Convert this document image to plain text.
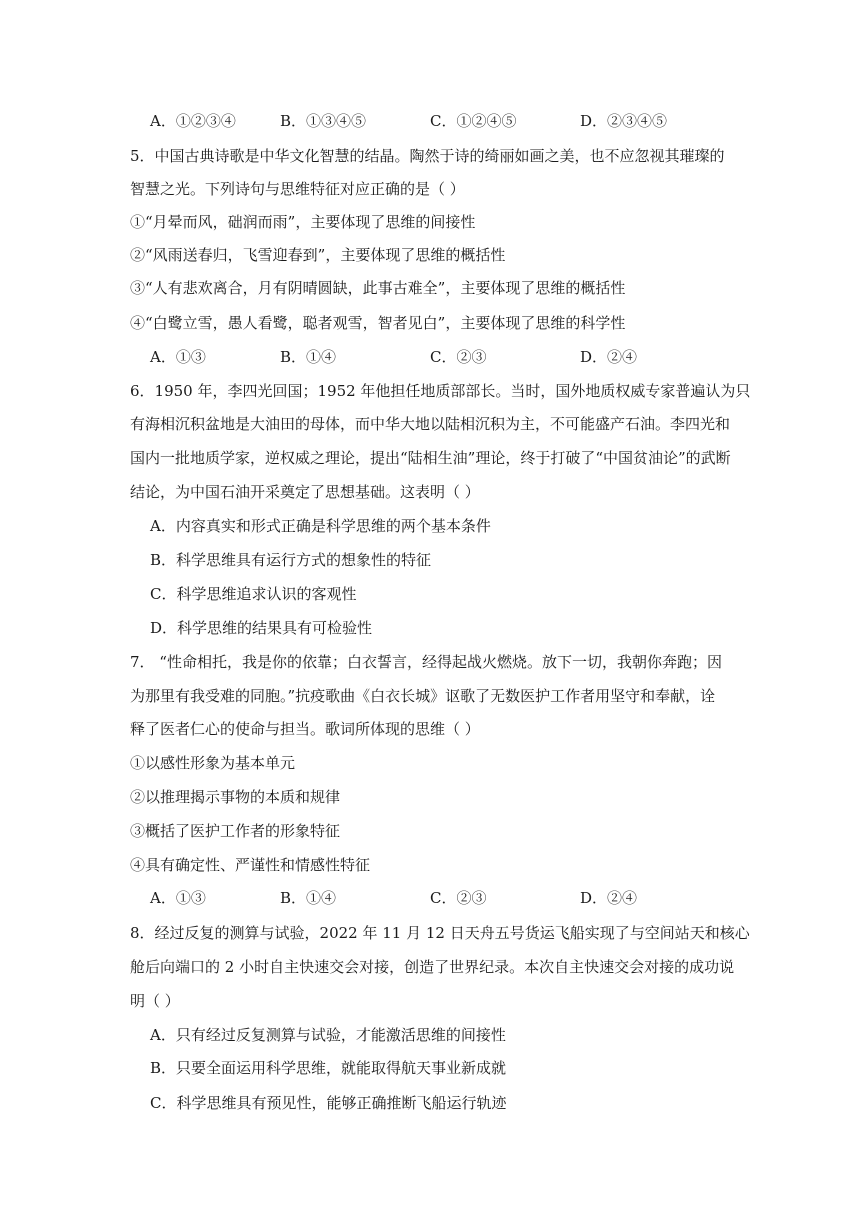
A．①②③④	B．①③④⑤	C．①②④⑤	D．②③④⑤
5．中国古典诗歌是中华文化智慧的结晶。陶然于诗的绮丽如画之美，也不应忽视其璀璨的
智慧之光。下列诗句与思维特征对应正确的是（ ）
①“月晕而风，础润而雨”，主要体现了思维的间接性
②“风雨送春归，飞雪迎春到”，主要体现了思维的概括性
③“人有悲欢离合，月有阴晴圆缺，此事古难全”，主要体现了思维的概括性
④“白鹭立雪，愚人看鹭，聪者观雪，智者见白”，主要体现了思维的科学性
A．①③	B．①④	C．②③	D．②④
6．1950 年，李四光回国；1952 年他担任地质部部长。当时，国外地质权威专家普遍认为只
有海相沉积盆地是大油田的母体，而中华大地以陆相沉积为主，不可能盛产石油。李四光和
国内一批地质学家，逆权威之理论，提出“陆相生油”理论，终于打破了“中国贫油论”的武断
结论，为中国石油开采奠定了思想基础。这表明（ ）
A．内容真实和形式正确是科学思维的两个基本条件
B．科学思维具有运行方式的想象性的特征
C．科学思维追求认识的客观性
D．科学思维的结果具有可检验性
7． “性命相托，我是你的依靠；白衣誓言，经得起战火燃烧。放下一切，我朝你奔跑；因
为那里有我受难的同胞。”抗疫歌曲《白衣长城》讴歌了无数医护工作者用坚守和奉献，诠
释了医者仁心的使命与担当。歌词所体现的思维（ ）
①以感性形象为基本单元
②以推理揭示事物的本质和规律
③概括了医护工作者的形象特征
④具有确定性、严谨性和情感性特征
A．①③	B．①④	C．②③	D．②④
8．经过反复的测算与试验，2022 年 11 月 12 日天舟五号货运飞船实现了与空间站天和核心
舱后向端口的 2 小时自主快速交会对接，创造了世界纪录。本次自主快速交会对接的成功说
明（ ）
A．只有经过反复测算与试验，才能激活思维的间接性
B．只要全面运用科学思维，就能取得航天事业新成就
C．科学思维具有预见性，能够正确推断飞船运行轨迹
